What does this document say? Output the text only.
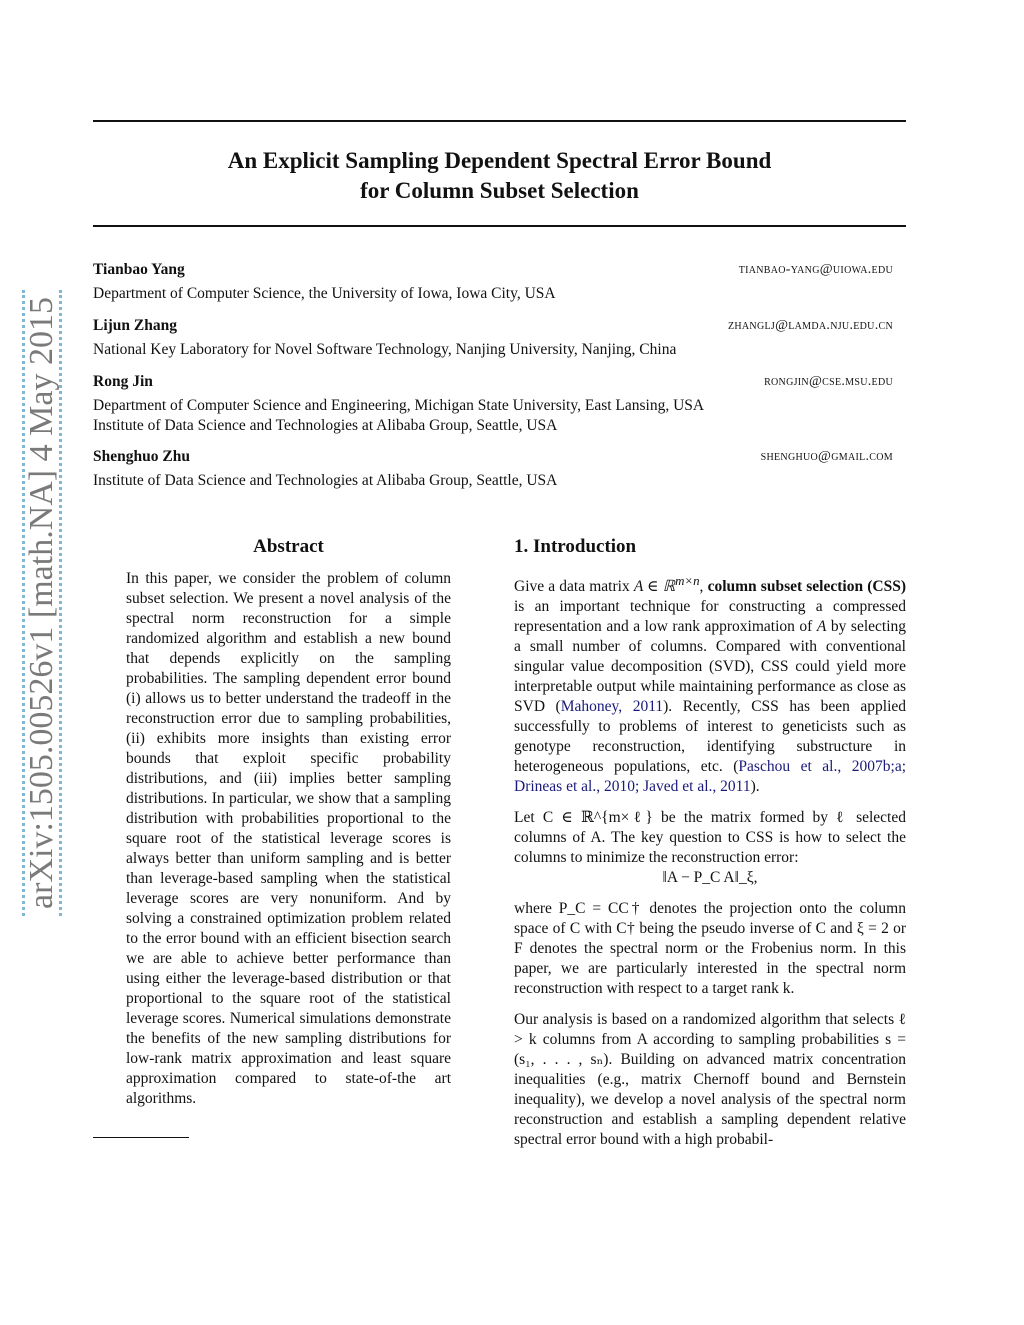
arXiv:1505.00526v1 [math.NA] 4 May 2015
An Explicit Sampling Dependent Spectral Error Bound
for Column Subset Selection
Tianbao Yang	tianbao-yang@uiowa.edu
Department of Computer Science, the University of Iowa, Iowa City, USA
Lijun Zhang	zhanglj@lamda.nju.edu.cn
National Key Laboratory for Novel Software Technology, Nanjing University, Nanjing, China
Rong Jin	rongjin@cse.msu.edu
Department of Computer Science and Engineering, Michigan State University, East Lansing, USA
Institute of Data Science and Technologies at Alibaba Group, Seattle, USA
Shenghuo Zhu	shenghuo@gmail.com
Institute of Data Science and Technologies at Alibaba Group, Seattle, USA
Abstract

In this paper, we consider the problem of column subset selection. We present a novel analysis of the spectral norm reconstruction for a simple randomized algorithm and establish a new bound that depends explicitly on the sampling probabilities. The sampling dependent error bound (i) allows us to better understand the tradeoff in the reconstruction error due to sampling probabilities, (ii) exhibits more insights than existing error bounds that exploit specific probability distributions, and (iii) implies better sampling distributions. In particular, we show that a sampling distribution with probabilities proportional to the square root of the statistical leverage scores is always better than uniform sampling and is better than leverage-based sampling when the statistical leverage scores are very nonuniform. And by solving a constrained optimization problem related to the error bound with an efficient bisection search we are able to achieve better performance than using either the leverage-based distribution or that proportional to the square root of the statistical leverage scores. Numerical simulations demonstrate the benefits of the new sampling distributions for low-rank matrix approximation and least square approximation compared to state-of-the art algorithms.

1. Introduction

Give a data matrix A ∈ ℝ$^{m\times n}$, column subset selection (CSS) is an important technique for constructing a compressed representation and a low rank approximation of A by selecting a small number of columns. Compared with conventional singular value decomposition (SVD), CSS could yield more interpretable output while maintaining performance as close as SVD (Mahoney, 2011). Recently, CSS has been applied successfully to problems of interest to geneticists such as genotype reconstruction, identifying substructure in heterogeneous populations, etc. (Paschou et al., 2007b;a; Drineas et al., 2010; Javed et al., 2011).

Let C ∈ ℝ^{m×ℓ} be the matrix formed by ℓ selected columns of A. The key question to CSS is how to select the columns to minimize the reconstruction error:

‖A − P_C A‖_ξ,

where P_C = CC† denotes the projection onto the column space of C with C† being the pseudo inverse of C and ξ = 2 or F denotes the spectral norm or the Frobenius norm. In this paper, we are particularly interested in the spectral norm reconstruction with respect to a target rank k.

Our analysis is based on a randomized algorithm that selects ℓ > k columns from A according to sampling probabilities s = (s₁, . . . , sₙ). Building on advanced matrix concentration inequalities (e.g., matrix Chernoff bound and Bernstein inequality), we develop a novel analysis of the spectral norm reconstruction and establish a sampling dependent relative spectral error bound with a high probabil-
